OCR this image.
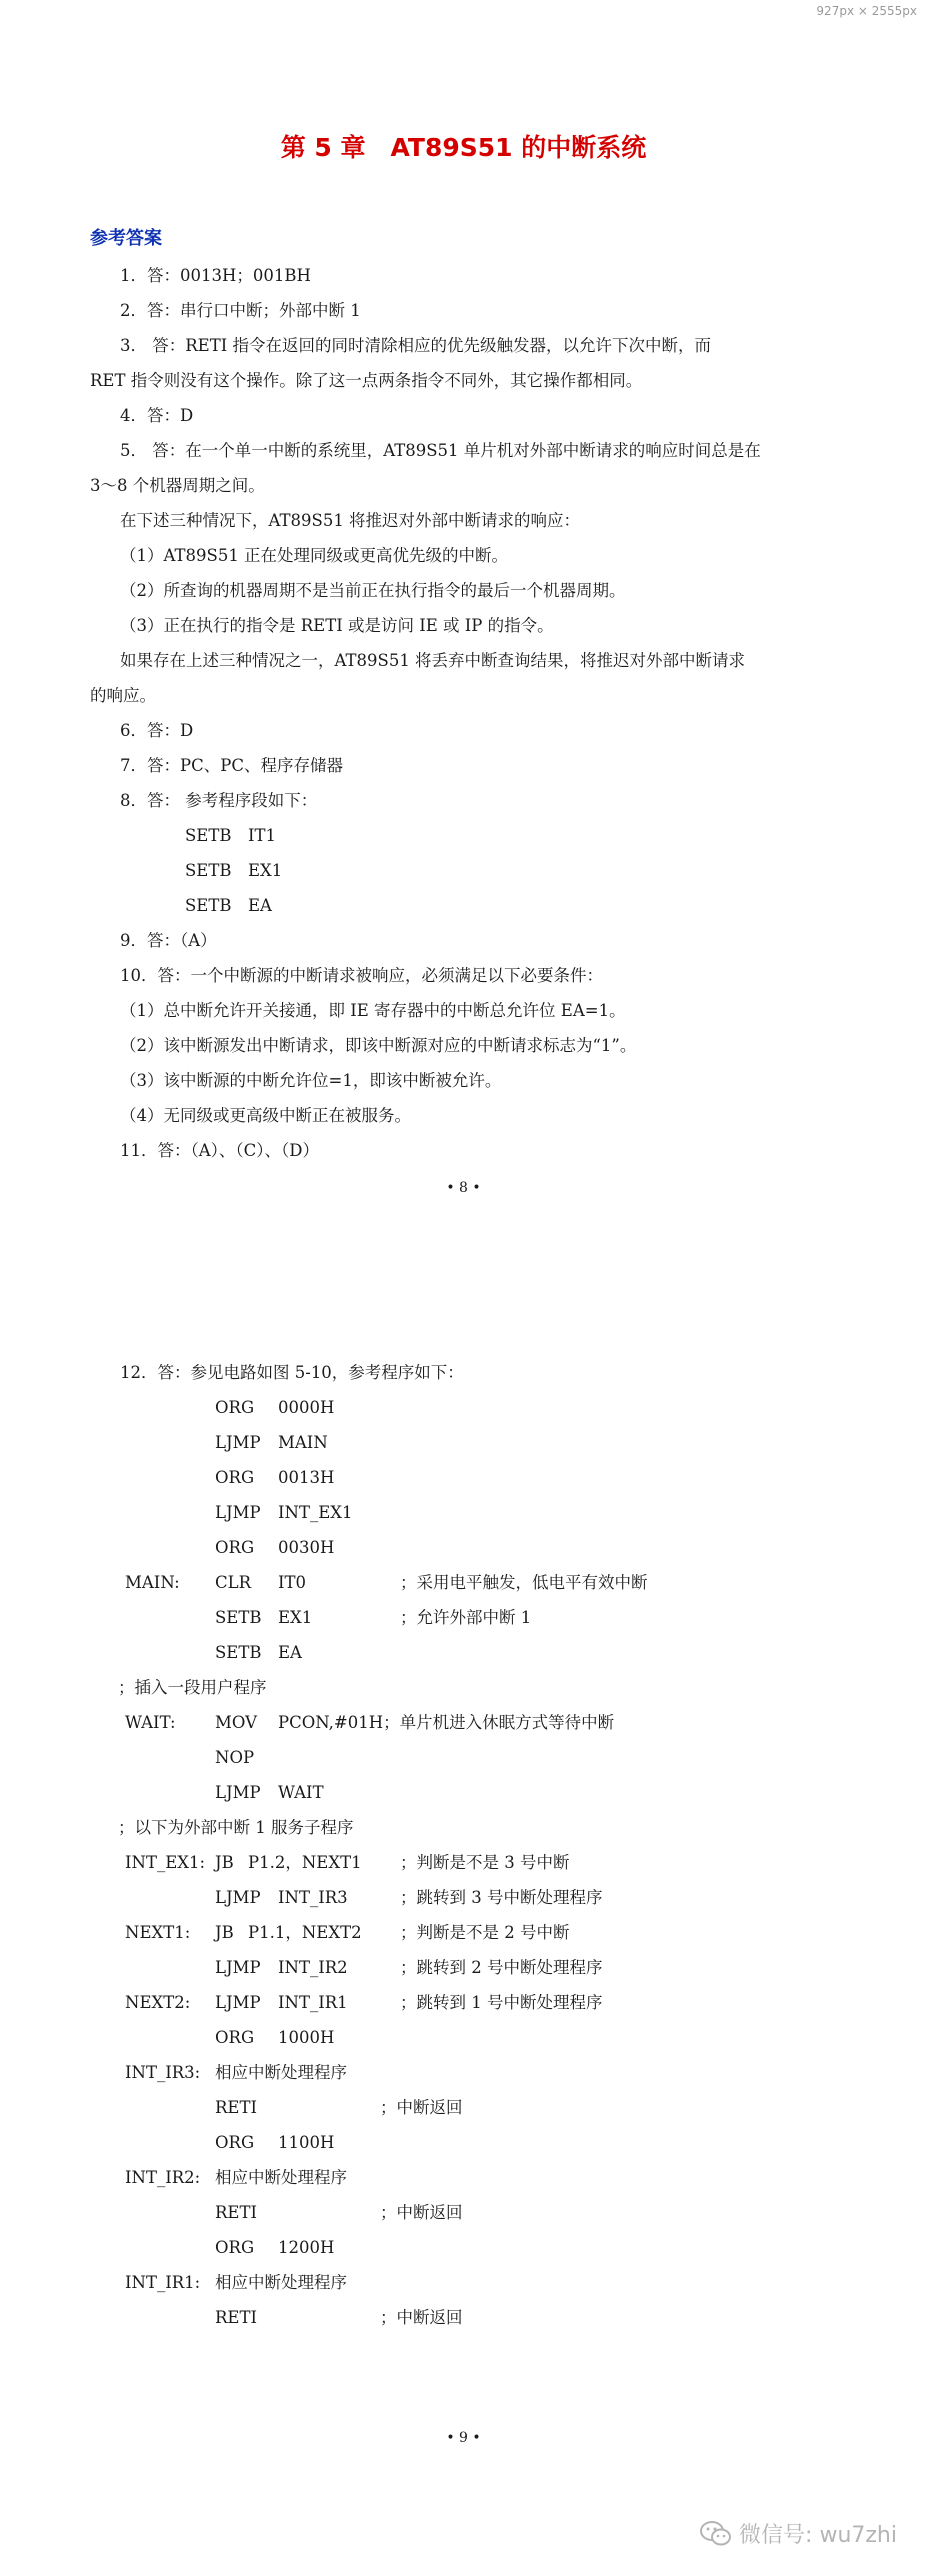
927px × 2555px
第 5 章　AT89S51 的中断系统
参考答案

1．答：0013H；001BH

2．答：串行口中断；外部中断 1

3． 答：RETI 指令在返回的同时清除相应的优先级触发器，以允许下次中断，而

RET 指令则没有这个操作。除了这一点两条指令不同外，其它操作都相同。

4．答：D

5． 答：在一个单一中断的系统里，AT89S51 单片机对外部中断请求的响应时间总是在

3～8 个机器周期之间。

在下述三种情况下，AT89S51 将推迟对外部中断请求的响应：

（1）AT89S51 正在处理同级或更高优先级的中断。

（2）所查询的机器周期不是当前正在执行指令的最后一个机器周期。

（3）正在执行的指令是 RETI 或是访问 IE 或 IP 的指令。

如果存在上述三种情况之一，AT89S51 将丢弃中断查询结果，将推迟对外部中断请求

的响应。

6．答：D

7．答：PC、PC、程序存储器

8．答： 参考程序段如下：

SETB IT1
SETB EX1
SETB EA

9．答：（A）

10．答：一个中断源的中断请求被响应，必须满足以下必要条件：

（1）总中断允许开关接通，即 IE 寄存器中的中断总允许位 EA=1。

（2）该中断源发出中断请求，即该中断源对应的中断请求标志为“1”。

（3）该中断源的中断允许位=1，即该中断被允许。

（4）无同级或更高级中断正在被服务。

11．答：（A）、（C）、（D）

• 8 •

12．答：参见电路如图 5-10，参考程序如下：

ORG 0000H
LJMP MAIN
ORG 0013H
LJMP INT_EX1
ORG 0030H
MAIN: CLR IT0	；采用电平触发，低电平有效中断
SETB EX1	；允许外部中断 1
SETB EA
；插入一段用户程序
WAIT: MOV PCON,#01H；单片机进入休眠方式等待中断
NOP
LJMP WAIT
；以下为外部中断 1 服务子程序
INT_EX1: JB P1.2，NEXT1 ；判断是不是 3 号中断
LJMP INT_IR3	；跳转到 3 号中断处理程序
NEXT1: JB P1.1，NEXT2 ；判断是不是 2 号中断
LJMP INT_IR2	；跳转到 2 号中断处理程序
NEXT2: LJMP INT_IR1	；跳转到 1 号中断处理程序
ORG 1000H
INT_IR3: 相应中断处理程序
RETI	；中断返回
ORG 1100H
INT_IR2: 相应中断处理程序
RETI	；中断返回
ORG 1200H
INT_IR1: 相应中断处理程序
RETI	；中断返回
• 9 •
微信号: wu7zhi
